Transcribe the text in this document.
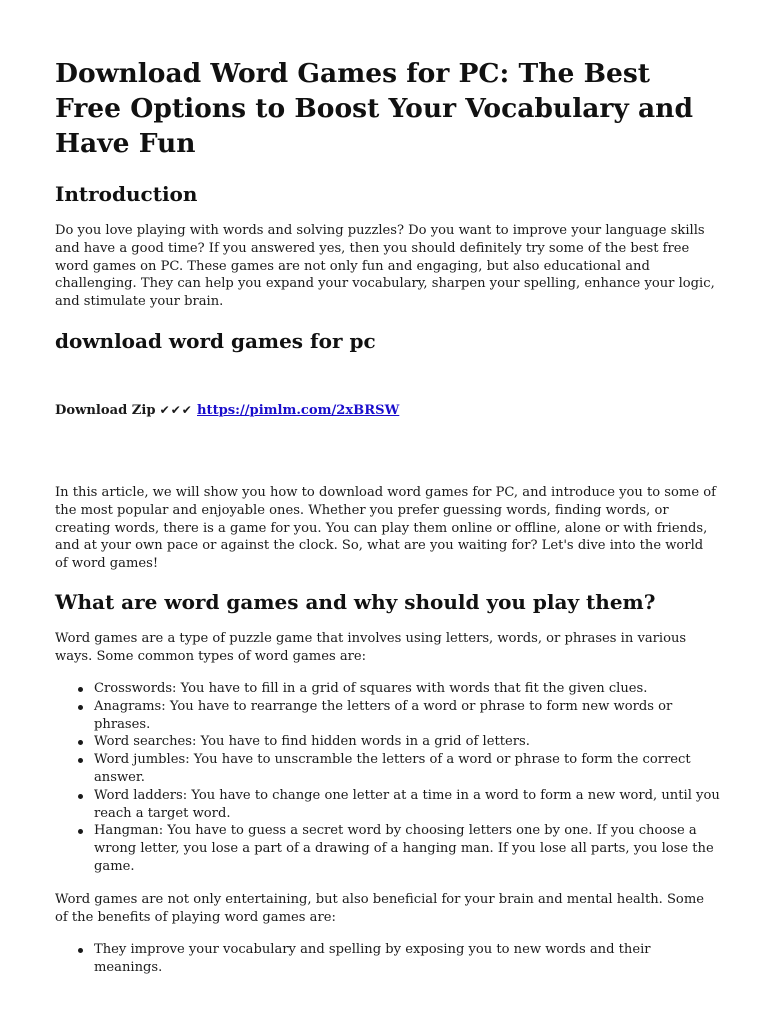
Download Word Games for PC: The Best Free Options to Boost Your Vocabulary and Have Fun
Introduction

Do you love playing with words and solving puzzles? Do you want to improve your language skills and have a good time? If you answered yes, then you should definitely try some of the best free word games on PC. These games are not only fun and engaging, but also educational and challenging. They can help you expand your vocabulary, sharpen your spelling, enhance your logic, and stimulate your brain.

download word games for pc
Download Zip ✔✔✔ https://pimlm.com/2xBRSW

In this article, we will show you how to download word games for PC, and introduce you to some of the most popular and enjoyable ones. Whether you prefer guessing words, finding words, or creating words, there is a game for you. You can play them online or offline, alone or with friends, and at your own pace or against the clock. So, what are you waiting for? Let's dive into the world of word games!

What are word games and why should you play them?

Word games are a type of puzzle game that involves using letters, words, or phrases in various ways. Some common types of word games are:

Crosswords: You have to fill in a grid of squares with words that fit the given clues.
Anagrams: You have to rearrange the letters of a word or phrase to form new words or phrases.
Word searches: You have to find hidden words in a grid of letters.
Word jumbles: You have to unscramble the letters of a word or phrase to form the correct answer.
Word ladders: You have to change one letter at a time in a word to form a new word, until you reach a target word.
Hangman: You have to guess a secret word by choosing letters one by one. If you choose a wrong letter, you lose a part of a drawing of a hanging man. If you lose all parts, you lose the game.

Word games are not only entertaining, but also beneficial for your brain and mental health. Some of the benefits of playing word games are:

They improve your vocabulary and spelling by exposing you to new words and their meanings.
